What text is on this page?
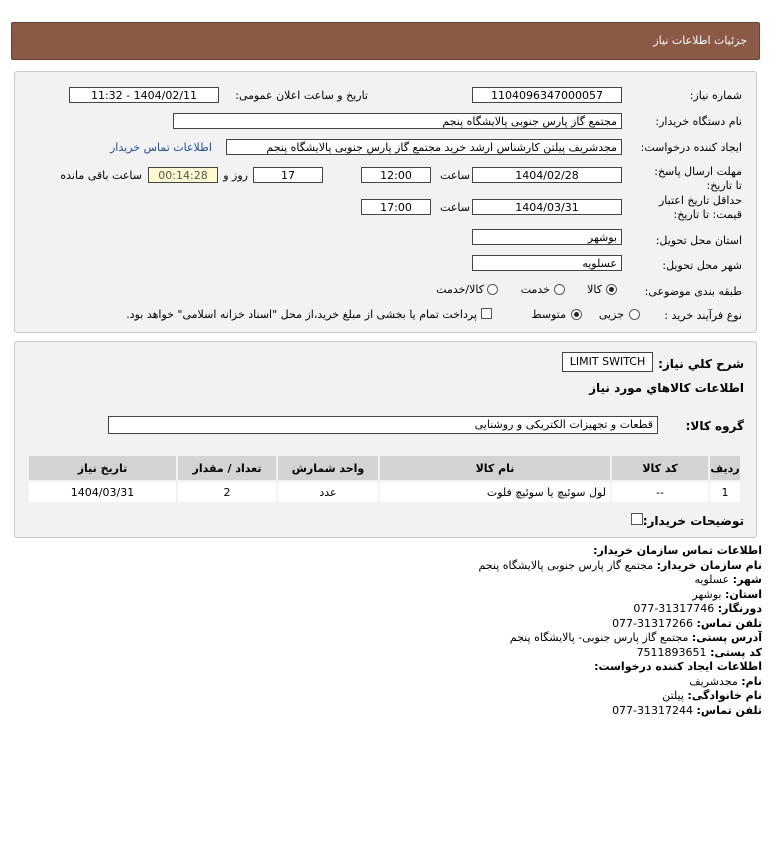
جزئیات اطلاعات نیاز
شماره نیاز:
1104096347000057
تاریخ و ساعت اعلان عمومی:
1404/02/11 - 11:32
نام دستگاه خریدار:
مجتمع گاز پارس جنوبی پالایشگاه پنجم
ایجاد کننده درخواست:
مجدشریف پیلتن کارشناس ارشد خرید مجتمع گاز پارس جنوبی پالایشگاه پنجم
اطلاعات تماس خریدار
مهلت ارسال پاسخ: تا تاریخ:
1404/02/28
ساعت
12:00
17
روز و
00:14:28
ساعت باقی مانده
حداقل تاریخ اعتبار قیمت: تا تاریخ:
1404/03/31
ساعت
17:00
استان محل تحویل:
بوشهر
شهر محل تحویل:
عسلویه
طبقه بندی موضوعی:
کالا
خدمت
کالا/خدمت
نوع فرآیند خرید :
جزیی
متوسط
پرداخت تمام یا بخشی از مبلغ خرید،از محل "اسناد خزانه اسلامی" خواهد بود.
شرح کلي نياز:
LIMIT SWITCH
اطلاعات کالاهاي مورد نياز
گروه کالا:
قطعات و تجهیزات الکتریکی و روشنایی
رديف	كد كالا	نام كالا	واحد شمارش	تعداد / مقدار	تاريخ نياز
1	--	لول سوئیچ یا سوئیچ فلوت	عدد	2	1404/03/31
توضیحات خریدار:
اطلاعات تماس سازمان خریدار:
نام سازمان خریدار: مجتمع گاز پارس جنوبی پالایشگاه پنجم
شهر: عسلویه
استان: بوشهر
دورنگار: 077-31317746
تلفن تماس: 077-31317266
آدرس پستی: مجتمع گاز پارس جنوبی- پالایشگاه پنجم
کد پستی: 7511893651
اطلاعات ایجاد کننده درخواست:
نام: مجدشریف
نام خانوادگی: پیلتن
تلفن تماس: 077-31317244
